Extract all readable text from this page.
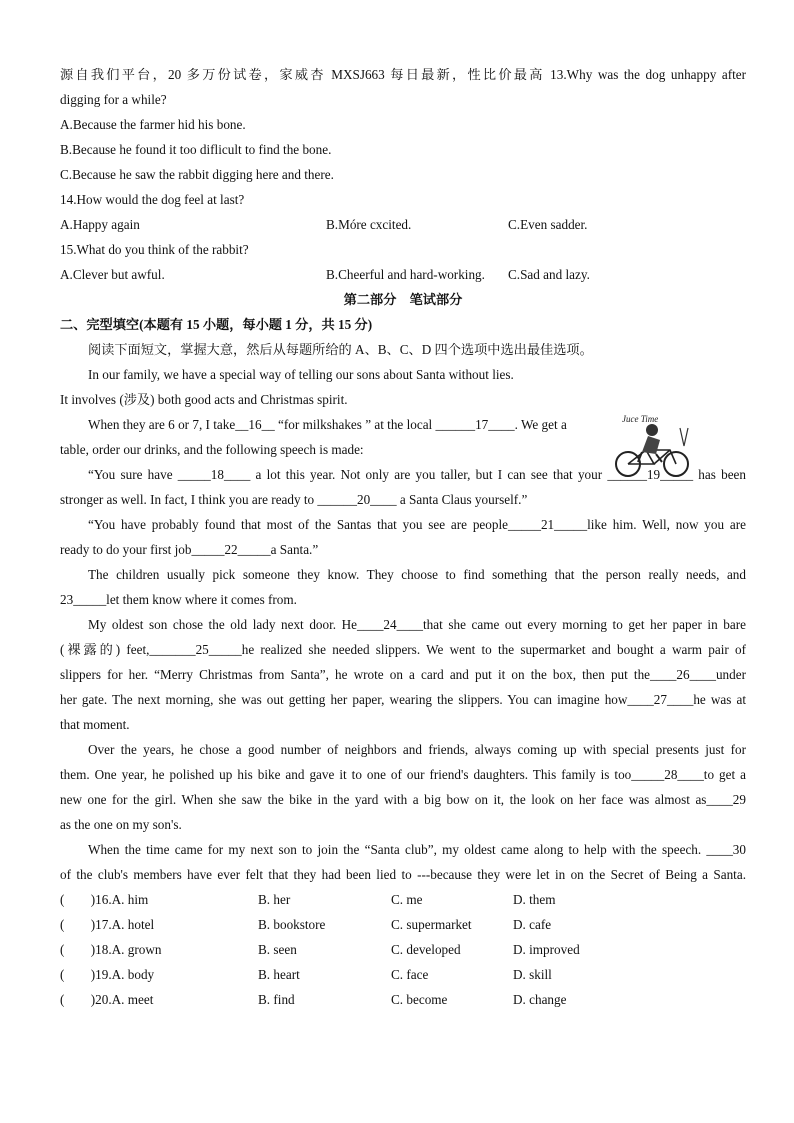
源自我们平台，20 多万份试卷，家威杏 MXSJ663 每日最新，性比价最高 13.Why was the dog unhappy after
digging for a while?
A.Because the farmer hid his bone.
B.Because he found it too diflicult to find the bone.
C.Because he saw the rabbit digging here and there.
14.How would the dog feel at last?
A.Happy again	B.Móre cxcited.	C.Even sadder.
15.What do you think of the rabbit?
A.Clever but awful.	B.Cheerful and hard-working.	C.Sad and lazy.
第二部分　笔试部分
二、完型填空(本题有 15 小题，每小题 1 分，共 15 分)
阅读下面短文，掌握大意，然后从每题所给的 A、B、C、D 四个选项中选出最佳选项。
In our family, we have a special way of telling our sons about Santa without lies.
It involves (涉及) both good acts and Christmas spirit.
When they are 6 or 7, I take__16__ “for milkshakes ” at the local ______17____. We get a
table, order our drinks, and the following speech is made:
“You sure have _____18____ a lot this year. Not only are you taller, but I can see that your ______19_____ has been
stronger as well. In fact, I think you are ready to ______20____ a Santa Claus yourself.”
“You have probably found that most of the Santas that you see are people_____21_____like him. Well, now you are
ready to do your first job_____22_____a Santa.”
The children usually pick someone they know. They choose to find something that the person really needs, and
23_____let them know where it comes from.
My oldest son chose the old lady next door. He____24____that she came out every morning to get her paper in bare
(裸露的) feet,_______25_____he realized she needed slippers. We went to the supermarket and bought a warm pair of
slippers for her. “Merry Christmas from Santa”, he wrote on a card and put it on the box, then put the____26____under
her gate. The next morning, she was out getting her paper, wearing the slippers. You can imagine how____27____he was at
that moment.
Over the years, he chose a good number of neighbors and friends, always coming up with special presents just for
them. One year, he polished up his bike and gave it to one of our friend's daughters. This family is too_____28____to get a
new one for the girl. When she saw the bike in the yard with a big bow on it, the look on her face was almost as____29
as the one on my son's.
When the time came for my next son to join the “Santa club”, my oldest came along to help with the speech. ____30
of the club's members have ever felt that they had been lied to ---because they were let in on the Secret of Being a Santa.
(　　)16.A. him	B. her	C. me	D. them
(　　)17.A. hotel	B. bookstore	C. supermarket	D. cafe
(　　)18.A. grown	B. seen	C. developed	D. improved
(　　)19.A. body	B. heart	C. face	D. skill
(　　)20.A. meet	B. find	C. become	D. change
Juce Time
